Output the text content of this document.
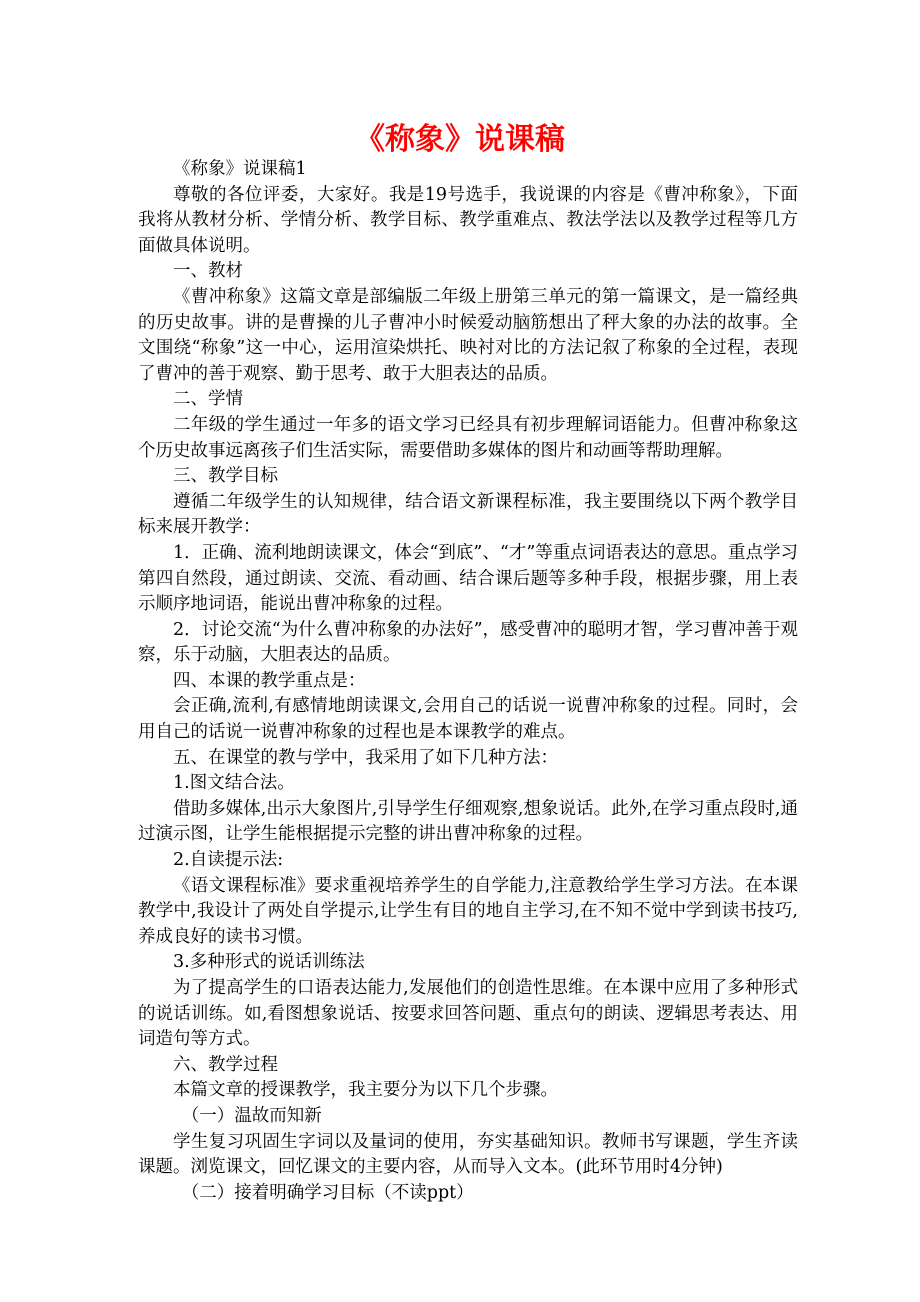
《称象》说课稿

《称象》说课稿1

尊敬的各位评委，大家好。我是19号选手，我说课的内容是《曹冲称象》，下面我将从教材分析、学情分析、教学目标、教学重难点、教法学法以及教学过程等几方面做具体说明。

一、教材

《曹冲称象》这篇文章是部编版二年级上册第三单元的第一篇课文，是一篇经典的历史故事。讲的是曹操的儿子曹冲小时候爱动脑筋想出了秤大象的办法的故事。全文围绕“称象”这一中心，运用渲染烘托、映衬对比的方法记叙了称象的全过程，表现了曹冲的善于观察、勤于思考、敢于大胆表达的品质。

二、学情

二年级的学生通过一年多的语文学习已经具有初步理解词语能力。但曹冲称象这个历史故事远离孩子们生活实际，需要借助多媒体的图片和动画等帮助理解。

三、教学目标

遵循二年级学生的认知规律，结合语文新课程标准，我主要围绕以下两个教学目标来展开教学：

1．正确、流利地朗读课文，体会“到底”、“才”等重点词语表达的意思。重点学习第四自然段，通过朗读、交流、看动画、结合课后题等多种手段，根据步骤，用上表示顺序地词语，能说出曹冲称象的过程。

2．讨论交流“为什么曹冲称象的办法好”，感受曹冲的聪明才智，学习曹冲善于观察，乐于动脑，大胆表达的品质。

四、本课的教学重点是：

会正确,流利,有感情地朗读课文,会用自己的话说一说曹冲称象的过程。同时，会用自己的话说一说曹冲称象的过程也是本课教学的难点。

五、在课堂的教与学中，我采用了如下几种方法：

1.图文结合法。

借助多媒体,出示大象图片,引导学生仔细观察,想象说话。此外,在学习重点段时,通过演示图，让学生能根据提示完整的讲出曹冲称象的过程。

2.自读提示法:

《语文课程标准》要求重视培养学生的自学能力,注意教给学生学习方法。在本课教学中,我设计了两处自学提示,让学生有目的地自主学习,在不知不觉中学到读书技巧,养成良好的读书习惯。

3.多种形式的说话训练法

为了提高学生的口语表达能力,发展他们的创造性思维。在本课中应用了多种形式的说话训练。如,看图想象说话、按要求回答问题、重点句的朗读、逻辑思考表达、用词造句等方式。

六、教学过程

本篇文章的授课教学，我主要分为以下几个步骤。

（一）温故而知新

学生复习巩固生字词以及量词的使用，夯实基础知识。教师书写课题，学生齐读课题。浏览课文，回忆课文的主要内容，从而导入文本。(此环节用时4分钟)

（二）接着明确学习目标（不读ppt）
